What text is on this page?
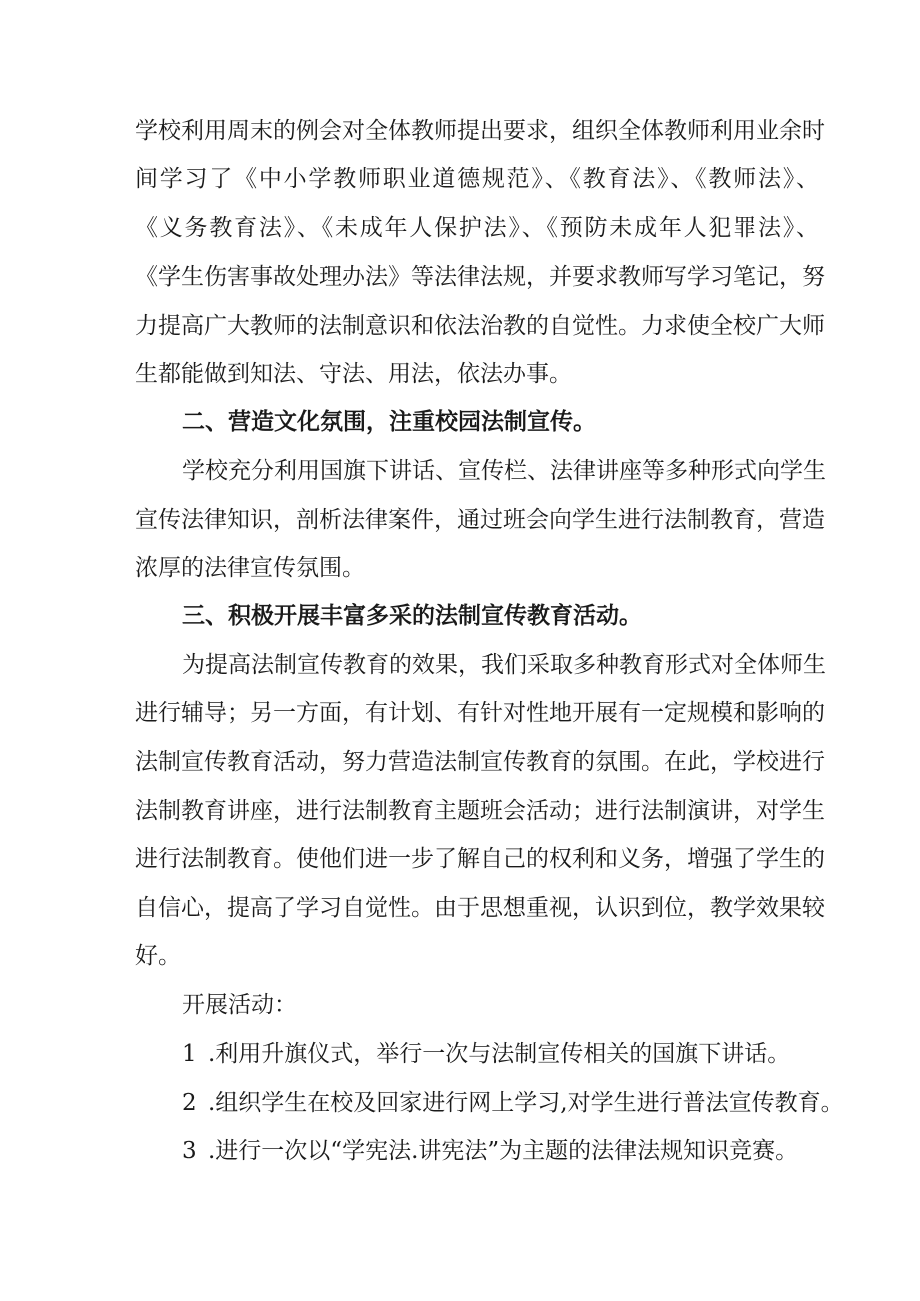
学校利用周末的例会对全体教师提出要求，组织全体教师利用业余时
间学习了《中小学教师职业道德规范》、《教育法》、《教师法》、
《义务教育法》、《未成年人保护法》、《预防未成年人犯罪法》、
《学生伤害事故处理办法》等法律法规，并要求教师写学习笔记，努
力提高广大教师的法制意识和依法治教的自觉性。力求使全校广大师
生都能做到知法、守法、用法，依法办事。
二、营造文化氛围，注重校园法制宣传。
学校充分利用国旗下讲话、宣传栏、法律讲座等多种形式向学生
宣传法律知识，剖析法律案件，通过班会向学生进行法制教育，营造
浓厚的法律宣传氛围。
三、积极开展丰富多采的法制宣传教育活动。
为提高法制宣传教育的效果，我们采取多种教育形式对全体师生
进行辅导；另一方面，有计划、有针对性地开展有一定规模和影响的
法制宣传教育活动，努力营造法制宣传教育的氛围。在此，学校进行
法制教育讲座，进行法制教育主题班会活动；进行法制演讲，对学生
进行法制教育。使他们进一步了解自己的权利和义务，增强了学生的
自信心，提高了学习自觉性。由于思想重视，认识到位，教学效果较
好。
开展活动：
1 .利用升旗仪式，举行一次与法制宣传相关的国旗下讲话。
2 .组织学生在校及回家进行网上学习,对学生进行普法宣传教育。
3 .进行一次以“学宪法.讲宪法”为主题的法律法规知识竞赛。
